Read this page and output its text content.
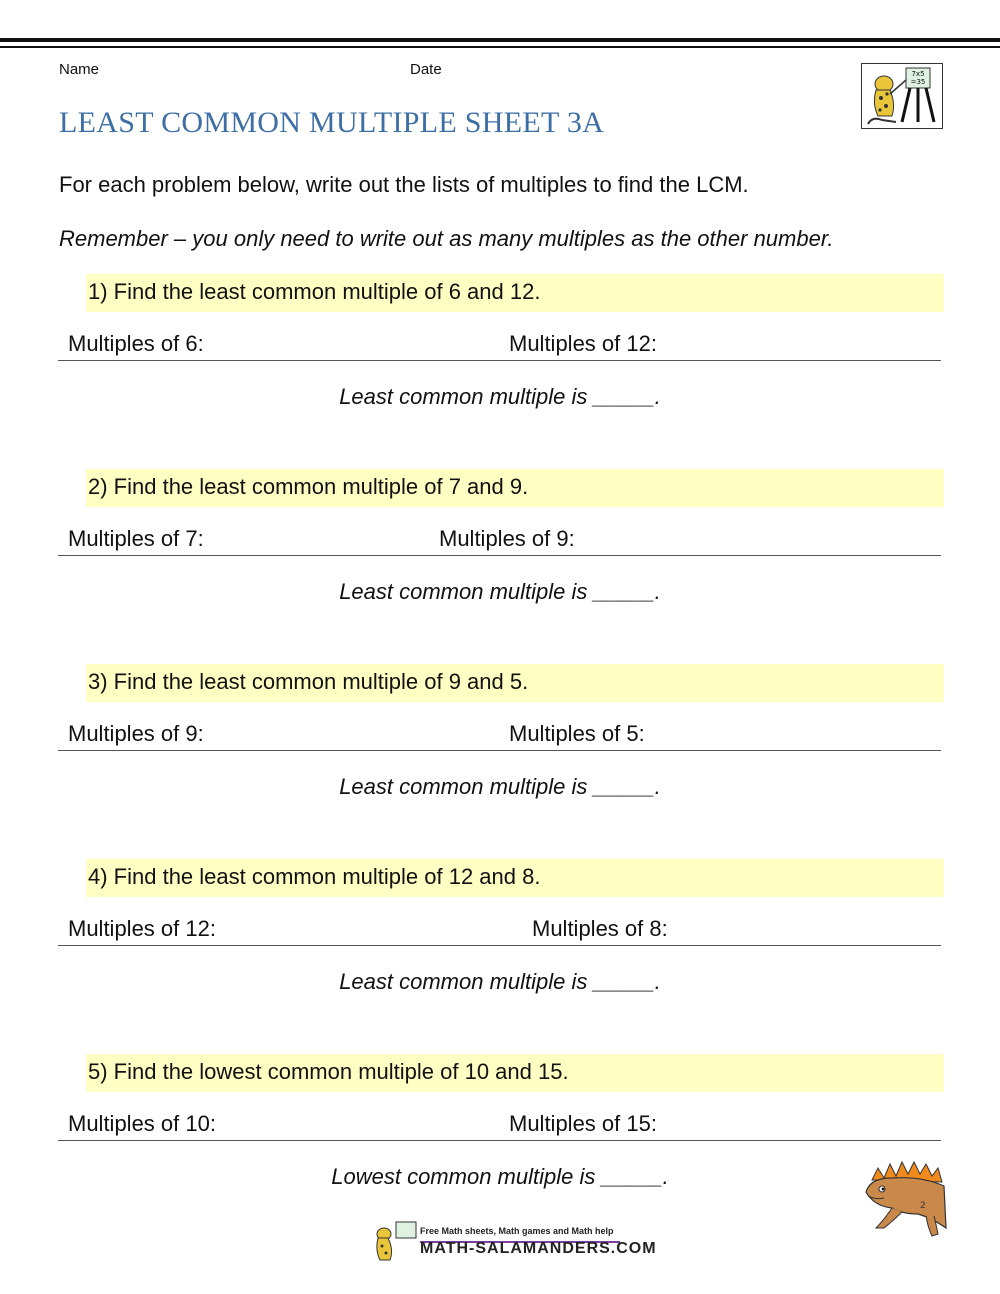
Name	Date	7x5
=35
LEAST COMMON MULTIPLE SHEET 3A
For each problem below, write out the lists of multiples to find the LCM.
Remember – you only need to write out as many multiples as the other number.
1) Find the least common multiple of 6 and 12.
Multiples of 6:	Multiples of 12:
Least common multiple is _____.
2) Find the least common multiple of 7 and 9.
Multiples of 7:	Multiples of 9:
Least common multiple is _____.
3) Find the least common multiple of 9 and 5.
Multiples of 9:	Multiples of 5:
Least common multiple is _____.
4) Find the least common multiple of 12 and 8.
Multiples of 12:	Multiples of 8:
Least common multiple is _____.
5) Find the lowest common multiple of 10 and 15.
Multiples of 10:	Multiples of 15:
Lowest common multiple is _____.
2
Free Math sheets, Math games and Math help
MATH-SALAMANDERS.COM
